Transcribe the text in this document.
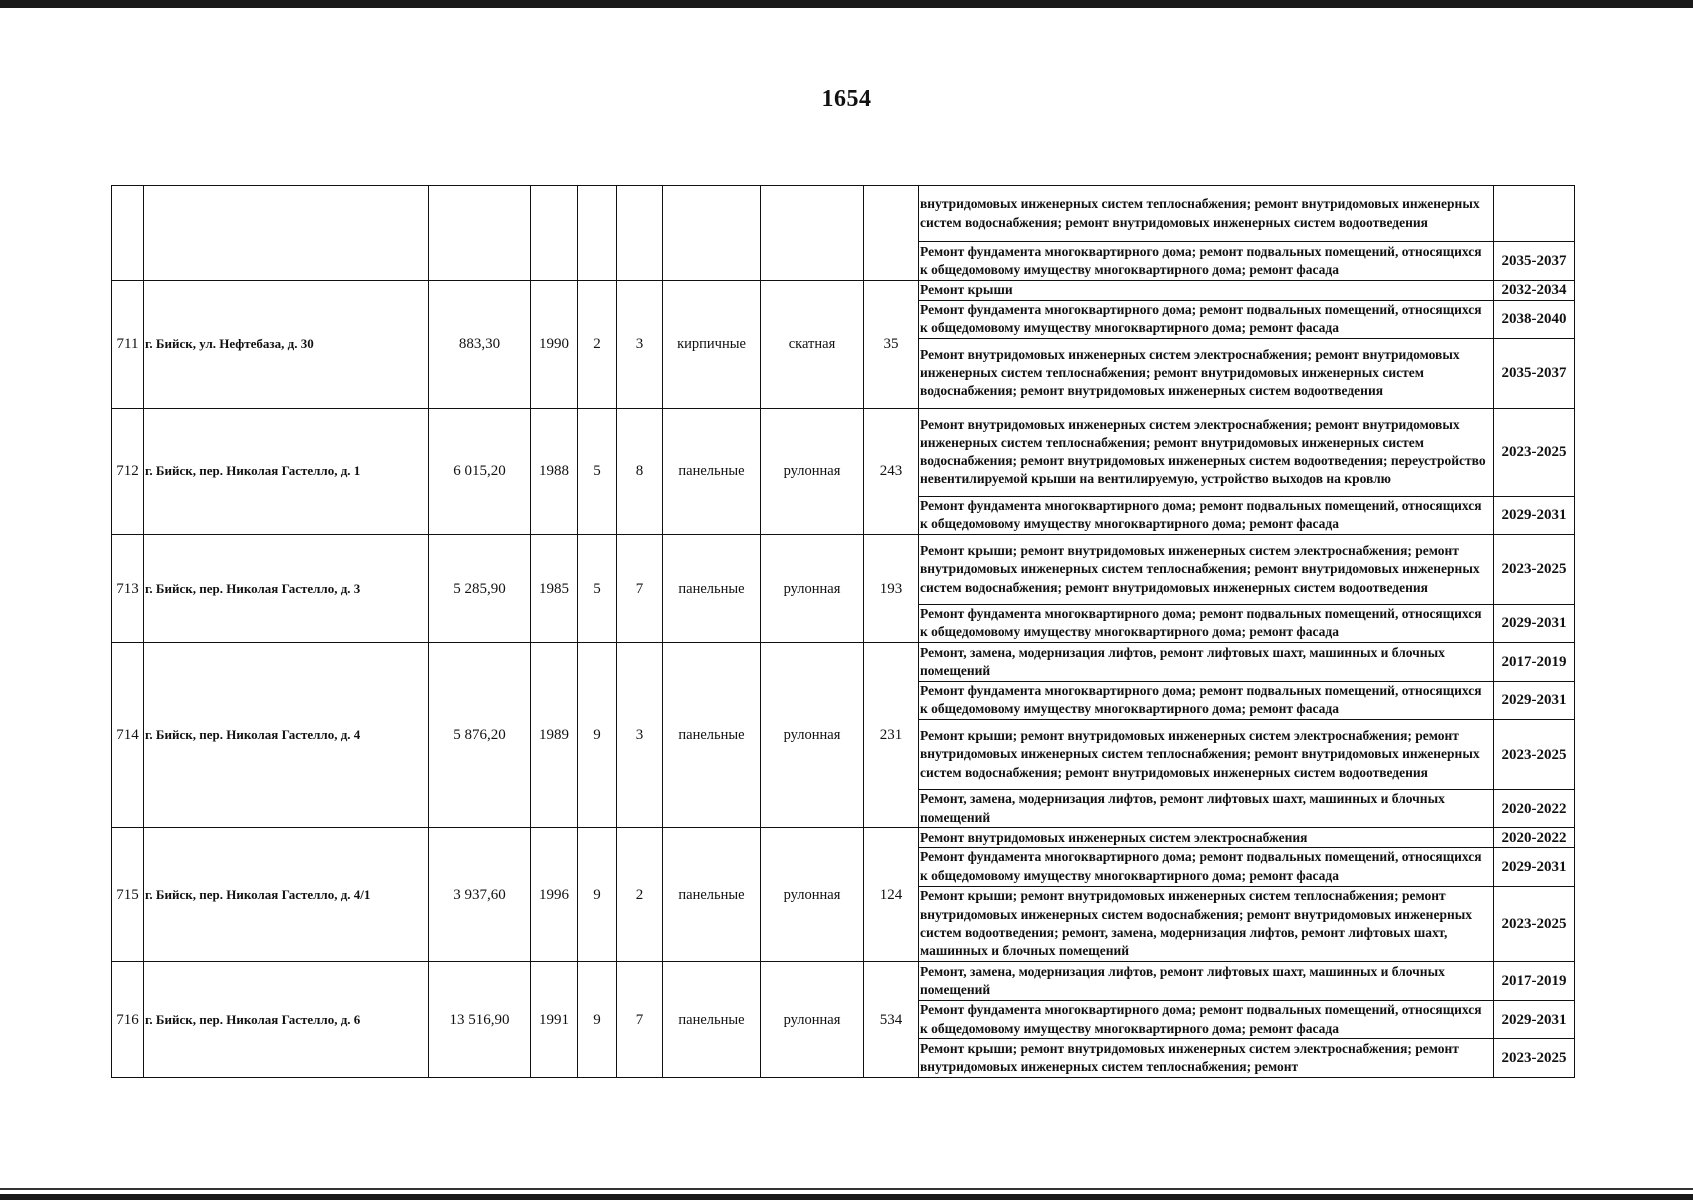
1654
									внутридомовых инженерных систем теплоснабжения; ремонт внутридомовых инженерных систем водоснабжения; ремонт внутридомовых инженерных систем водоотведения	
									Ремонт фундамента многоквартирного дома; ремонт подвальных помещений, относящихся к общедомовому имуществу многоквартирного дома; ремонт фасада	2035-2037
711	г. Бийск, ул. Нефтебаза, д. 30	883,30	1990	2	3	кирпичные	скатная	35	Ремонт крыши	2032-2034
									Ремонт фундамента многоквартирного дома; ремонт подвальных помещений, относящихся к общедомовому имуществу многоквартирного дома; ремонт фасада	2038-2040
									Ремонт внутридомовых инженерных систем электроснабжения; ремонт внутридомовых инженерных систем теплоснабжения; ремонт внутридомовых инженерных систем водоснабжения; ремонт внутридомовых инженерных систем водоотведения	2035-2037
712	г. Бийск, пер. Николая Гастелло, д. 1	6 015,20	1988	5	8	панельные	рулонная	243	Ремонт внутридомовых инженерных систем электроснабжения; ремонт внутридомовых инженерных систем теплоснабжения; ремонт внутридомовых инженерных систем водоснабжения; ремонт внутридомовых инженерных систем водоотведения; переустройство невентилируемой крыши на вентилируемую, устройство выходов на кровлю	2023-2025
									Ремонт фундамента многоквартирного дома; ремонт подвальных помещений, относящихся к общедомовому имуществу многоквартирного дома; ремонт фасада	2029-2031
713	г. Бийск, пер. Николая Гастелло, д. 3	5 285,90	1985	5	7	панельные	рулонная	193	Ремонт крыши; ремонт внутридомовых инженерных систем электроснабжения; ремонт внутридомовых инженерных систем теплоснабжения; ремонт внутридомовых инженерных систем водоснабжения; ремонт внутридомовых инженерных систем водоотведения	2023-2025
									Ремонт фундамента многоквартирного дома; ремонт подвальных помещений, относящихся к общедомовому имуществу многоквартирного дома; ремонт фасада	2029-2031
714	г. Бийск, пер. Николая Гастелло, д. 4	5 876,20	1989	9	3	панельные	рулонная	231	Ремонт, замена, модернизация лифтов, ремонт лифтовых шахт, машинных и блочных помещений	2017-2019
									Ремонт фундамента многоквартирного дома; ремонт подвальных помещений, относящихся к общедомовому имуществу многоквартирного дома; ремонт фасада	2029-2031
									Ремонт крыши; ремонт внутридомовых инженерных систем электроснабжения; ремонт внутридомовых инженерных систем теплоснабжения; ремонт внутридомовых инженерных систем водоснабжения; ремонт внутридомовых инженерных систем водоотведения	2023-2025
									Ремонт, замена, модернизация лифтов, ремонт лифтовых шахт, машинных и блочных помещений	2020-2022
715	г. Бийск, пер. Николая Гастелло, д. 4/1	3 937,60	1996	9	2	панельные	рулонная	124	Ремонт внутридомовых инженерных систем электроснабжения	2020-2022
									Ремонт фундамента многоквартирного дома; ремонт подвальных помещений, относящихся к общедомовому имуществу многоквартирного дома; ремонт фасада	2029-2031
									Ремонт крыши; ремонт внутридомовых инженерных систем теплоснабжения; ремонт внутридомовых инженерных систем водоснабжения; ремонт внутридомовых инженерных систем водоотведения; ремонт, замена, модернизация лифтов, ремонт лифтовых шахт, машинных и блочных помещений	2023-2025
716	г. Бийск, пер. Николая Гастелло, д. 6	13 516,90	1991	9	7	панельные	рулонная	534	Ремонт, замена, модернизация лифтов, ремонт лифтовых шахт, машинных и блочных помещений	2017-2019
									Ремонт фундамента многоквартирного дома; ремонт подвальных помещений, относящихся к общедомовому имуществу многоквартирного дома; ремонт фасада	2029-2031
									Ремонт крыши; ремонт внутридомовых инженерных систем электроснабжения; ремонт внутридомовых инженерных систем теплоснабжения; ремонт	2023-2025
